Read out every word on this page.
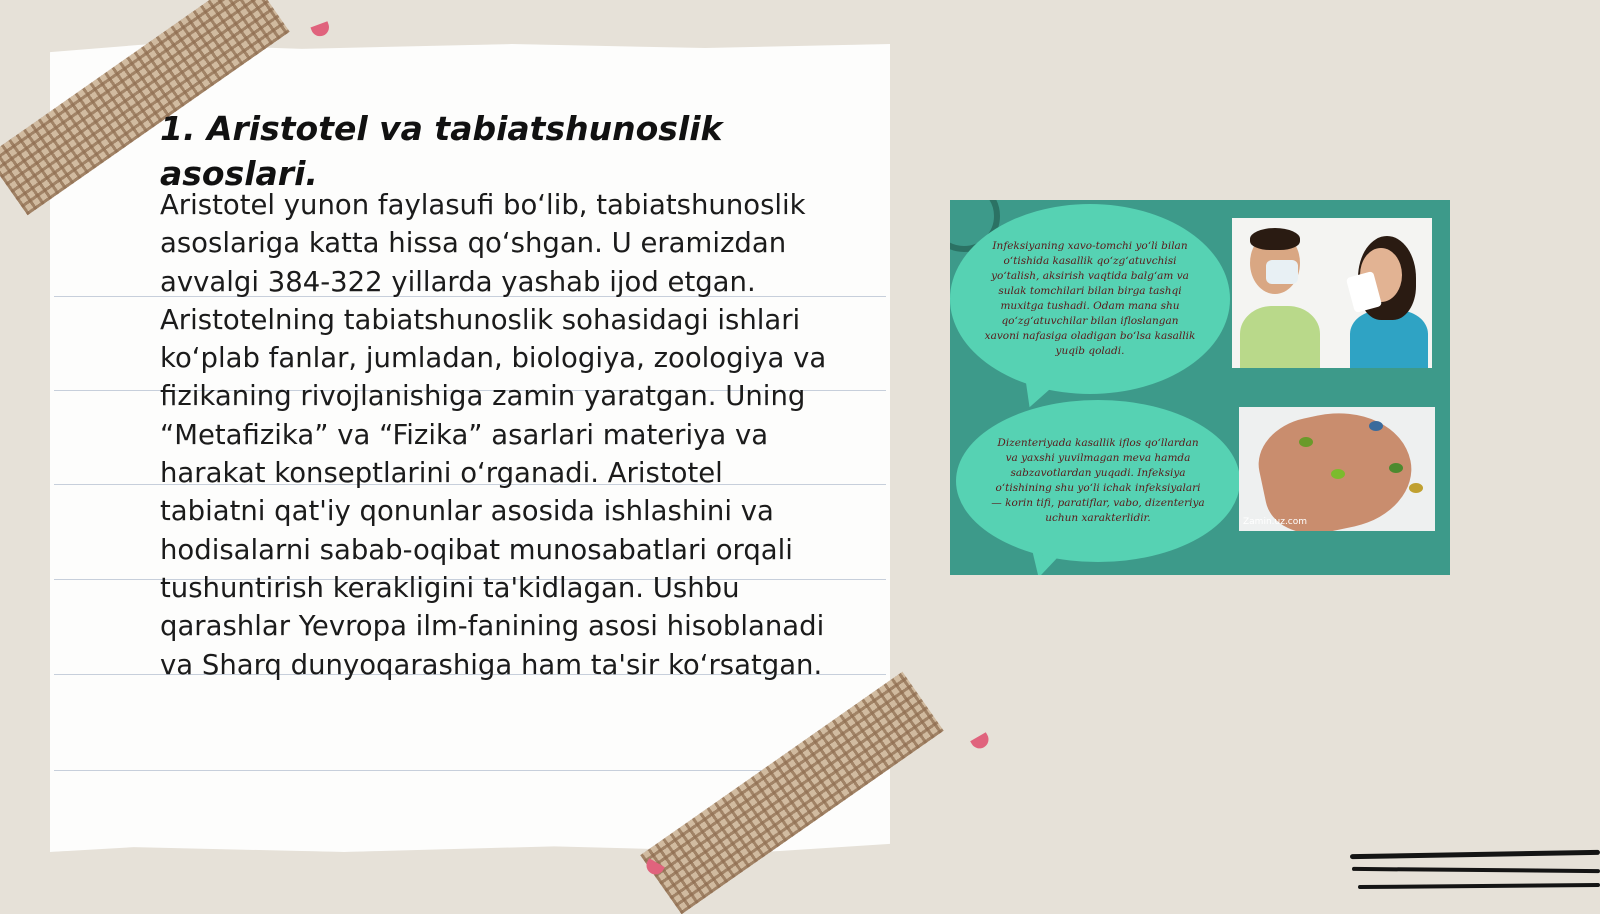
1. Aristotel va tabiatshunoslik asoslari.

Aristotel yunon faylasufi bo‘lib, tabiatshunoslik asoslariga katta hissa qo‘shgan. U eramizdan avvalgi 384-322 yillarda yashab ijod etgan. Aristotelning tabiatshunoslik sohasidagi ishlari ko‘plab fanlar, jumladan, biologiya, zoologiya va fizikaning rivojlanishiga zamin yaratgan. Uning “Metafizika” va “Fizika” asarlari materiya va harakat konseptlarini o‘rganadi. Aristotel tabiatni qat'iy qonunlar asosida ishlashini va hodisalarni sabab-oqibat munosabatlari orqali tushuntirish kerakligini ta'kidlagan. Ushbu qarashlar Yevropa ilm-fanining asosi hisoblanadi va Sharq dunyoqarashiga ham ta'sir ko‘rsatgan.

Infeksiyaning xavo-tomchi yo‘li bilan o‘tishida kasallik qo‘zg‘atuvchisi yo‘talish, aksirish vaqtida balg‘am va sulak tomchilari bilan birga tashqi muxitga tushadi. Odam mana shu qo‘zg‘atuvchilar bilan ifloslangan xavoni nafasiga oladigan bo‘lsa kasallik yuqib qoladi.
Dizenteriyada kasallik iflos qo‘llardan va yaxshi yuvilmagan meva hamda sabzavotlardan yuqadi. Infeksiya o‘tishining shu yo‘li ichak infeksiyalari — korin tifi, paratiflar, vabo, dizenteriya uchun xarakterlidir.	Zamin.uz.com
